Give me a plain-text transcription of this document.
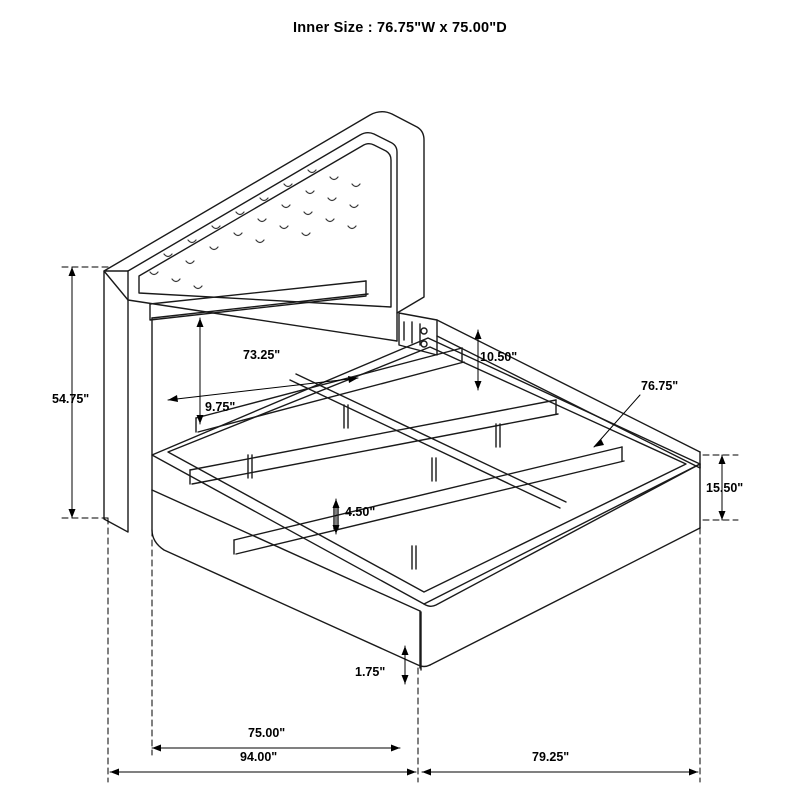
Inner Size : 76.75"W x 75.00"D
54.75"
73.25"
9.75"
10.50"
76.75"
15.50"
4.50"
1.75"
75.00"
94.00"	79.25"
